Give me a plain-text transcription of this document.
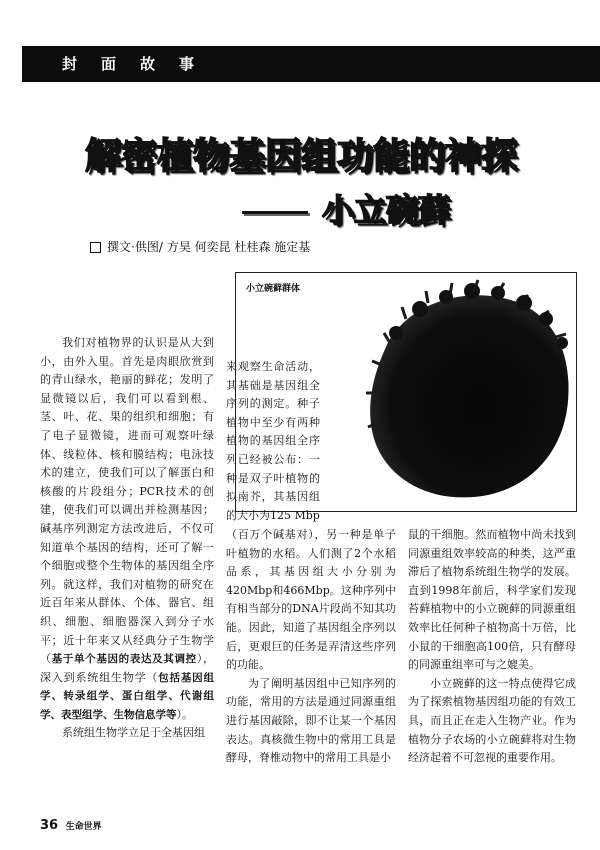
封面故事
解密植物基因组功能的神探
小立碗藓
撰文·供图/ 方昊 何奕昆 杜桂森 施定基
小立碗藓群体

我们对植物界的认识是从大到小，由外入里。首先是肉眼欣赏到的青山绿水，艳丽的鲜花；发明了显微镜以后，我们可以看到根、茎、叶、花、果的组织和细胞；有了电子显微镜，进而可观察叶绿体、线粒体、核和膜结构；电泳技术的建立，使我们可以了解蛋白和核酸的片段组分；PCR技术的创建，使我们可以调出并检测基因；碱基序列测定方法改进后，不仅可知道单个基因的结构，还可了解一个细胞或整个生物体的基因组全序列。就这样，我们对植物的研究在近百年来从群体、个体、器官、组织、细胞、细胞器深入到分子水平；近十年来又从经典分子生物学（基于单个基因的表达及其调控），深入到系统组生物学（包括基因组学、转录组学、蛋白组学、代谢组学、表型组学、生物信息学等）。

系统组生物学立足于全基因组

来观察生命活动，其基础是基因组全序列的测定。种子植物中至少有两种植物的基因组全序列已经被公布：一种是双子叶植物的拟南芥，其基因组的大小为125 Mbp

（百万个碱基对），另一种是单子叶植物的水稻。人们测了2个水稻品系，其基因组大小分别为420Mbp和466Mbp。这种序列中有相当部分的DNA片段尚不知其功能。因此，知道了基因组全序列以后，更艰巨的任务是弄清这些序列的功能。

为了阐明基因组中已知序列的功能，常用的方法是通过同源重组进行基因敲除，即不让某一个基因表达。真核微生物中的常用工具是酵母，脊椎动物中的常用工具是小

鼠的干细胞。然而植物中尚未找到同源重组效率较高的种类，这严重滞后了植物系统组生物学的发展。直到1998年前后，科学家们发现苔藓植物中的小立碗藓的同源重组效率比任何种子植物高十万倍，比小鼠的干细胞高100倍，只有酵母的同源重组率可与之媲美。

小立碗藓的这一特点使得它成为了探索植物基因组功能的有效工具，而且正在走入生物产业。作为植物分子农场的小立碗藓将对生物经济起着不可忽视的重要作用。

36 生命世界
